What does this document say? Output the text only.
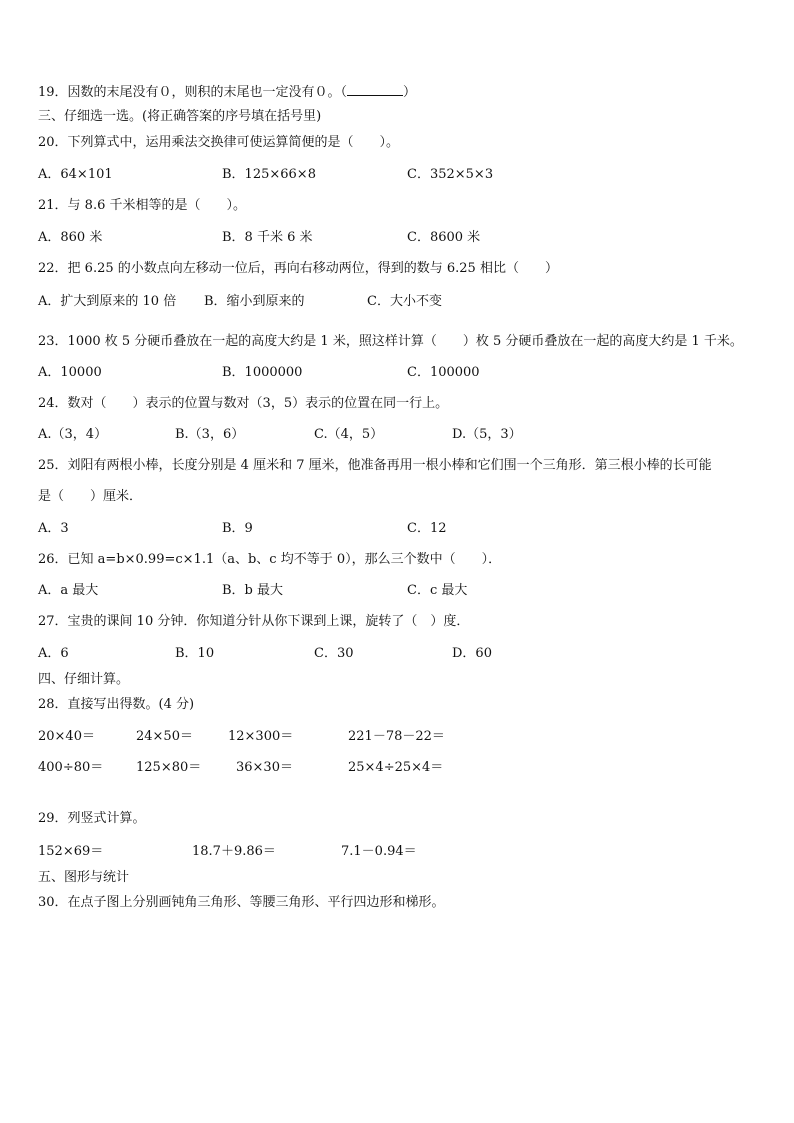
19．因数的末尾没有０，则积的末尾也一定没有０。（	）
三、仔细选一选。(将正确答案的序号填在括号里)
20．下列算式中，运用乘法交换律可使运算简便的是（　　）。
A．64×101	B．125×66×8	C．352×5×3
21．与 8.6 千米相等的是（　　）。
A．860 米	B．8 千米 6 米	C．8600 米
22．把 6.25 的小数点向左移动一位后，再向右移动两位，得到的数与 6.25 相比（　　）
A．扩大到原来的 10 倍 B．缩小到原来的	C．大小不变
23．1000 枚 5 分硬币叠放在一起的高度大约是 1 米，照这样计算（　　）枚 5 分硬币叠放在一起的高度大约是 1 千米。
A．10000	B．1000000	C．100000
24．数对（　　）表示的位置与数对（3，5）表示的位置在同一行上。
A.（3，4）	B.（3，6）	C.（4，5）	D.（5，3）
25．刘阳有两根小棒，长度分别是 4 厘米和 7 厘米，他准备再用一根小棒和它们围一个三角形．第三根小棒的长可能
是（　　）厘米．
A．3	B．9	C．12
26．已知 a=b×0.99=c×1.1（a、b、c 均不等于 0），那么三个数中（　　）．
A．a 最大	B．b 最大	C．c 最大
27．宝贵的课间 10 分钟．你知道分针从你下课到上课，旋转了（　）度．
A．6	B．10	C．30	D．60
四、仔细计算。
28．直接写出得数。(4 分)
20×40＝	24×50＝	12×300＝	221－78－22＝
400÷80＝	125×80＝	36×30＝	25×4÷25×4＝
29．列竖式计算。
152×69＝	18.7＋9.86＝	7.1－0.94＝
五、图形与统计
30．在点子图上分别画钝角三角形、等腰三角形、平行四边形和梯形。
